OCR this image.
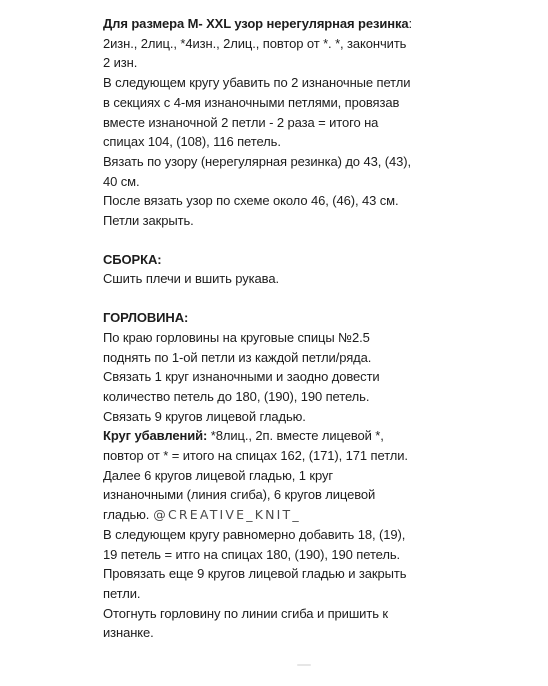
Для размера M- XXL узор нерегулярная резинка:
2изн., 2лиц., *4изн., 2лиц., повтор от *. *, закончить
2 изн.
В следующем кругу убавить по 2 изнаночные петли
в секциях с 4-мя изнаночными петлями, провязав
вместе изнаночной 2 петли - 2 раза = итого на
спицах 104, (108), 116 петель.
Вязать по узору (нерегулярная резинка) до 43, (43),
40 см.
После вязать узор по схеме около 46, (46), 43 см.
Петли закрыть.
СБОРКА:
Сшить плечи и вшить рукава.
ГОРЛОВИНА:
По краю горловины на круговые спицы №2.5
поднять по 1-ой петли из каждой петли/ряда.
Связать 1 круг изнаночными и заодно довести
количество петель до 180, (190), 190 петель.
Связать 9 кругов лицевой гладью.
Круг убавлений: *8лиц., 2п. вместе лицевой *,
повтор от * = итого на спицах 162, (171), 171 петли.
Далее 6 кругов лицевой гладью, 1 круг
изнаночными (линия сгиба), 6 кругов лицевой
гладью. @CREATIVE_KNIT_
В следующем кругу равномерно добавить 18, (19),
19 петель = итго на спицах 180, (190), 190 петель.
Провязать еще 9 кругов лицевой гладью и закрыть
петли.
Отогнуть горловину по линии сгиба и пришить к
изнанке.
